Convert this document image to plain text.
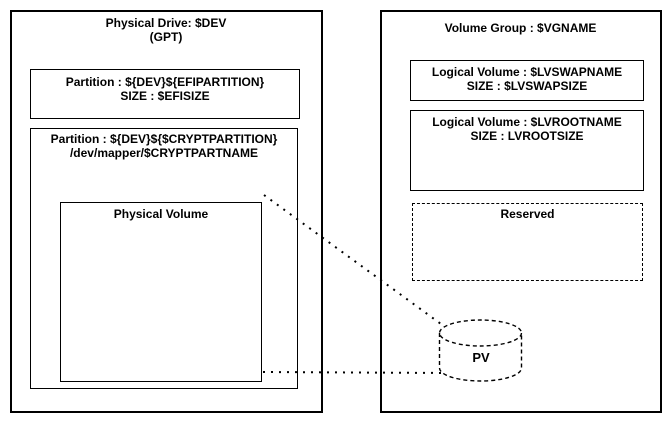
Physical Drive: $DEV
(GPT)
Partition : ${DEV}${EFIPARTITION}
SIZE : $EFISIZE
Partition : ${DEV}${$CRYPTPARTITION}
/dev/mapper/$CRYPTPARTNAME
Physical Volume
Volume Group : $VGNAME
Logical Volume : $LVSWAPNAME
SIZE : $LVSWAPSIZE
Logical Volume : $LVROOTNAME
SIZE : LVROOTSIZE
Reserved
PV
